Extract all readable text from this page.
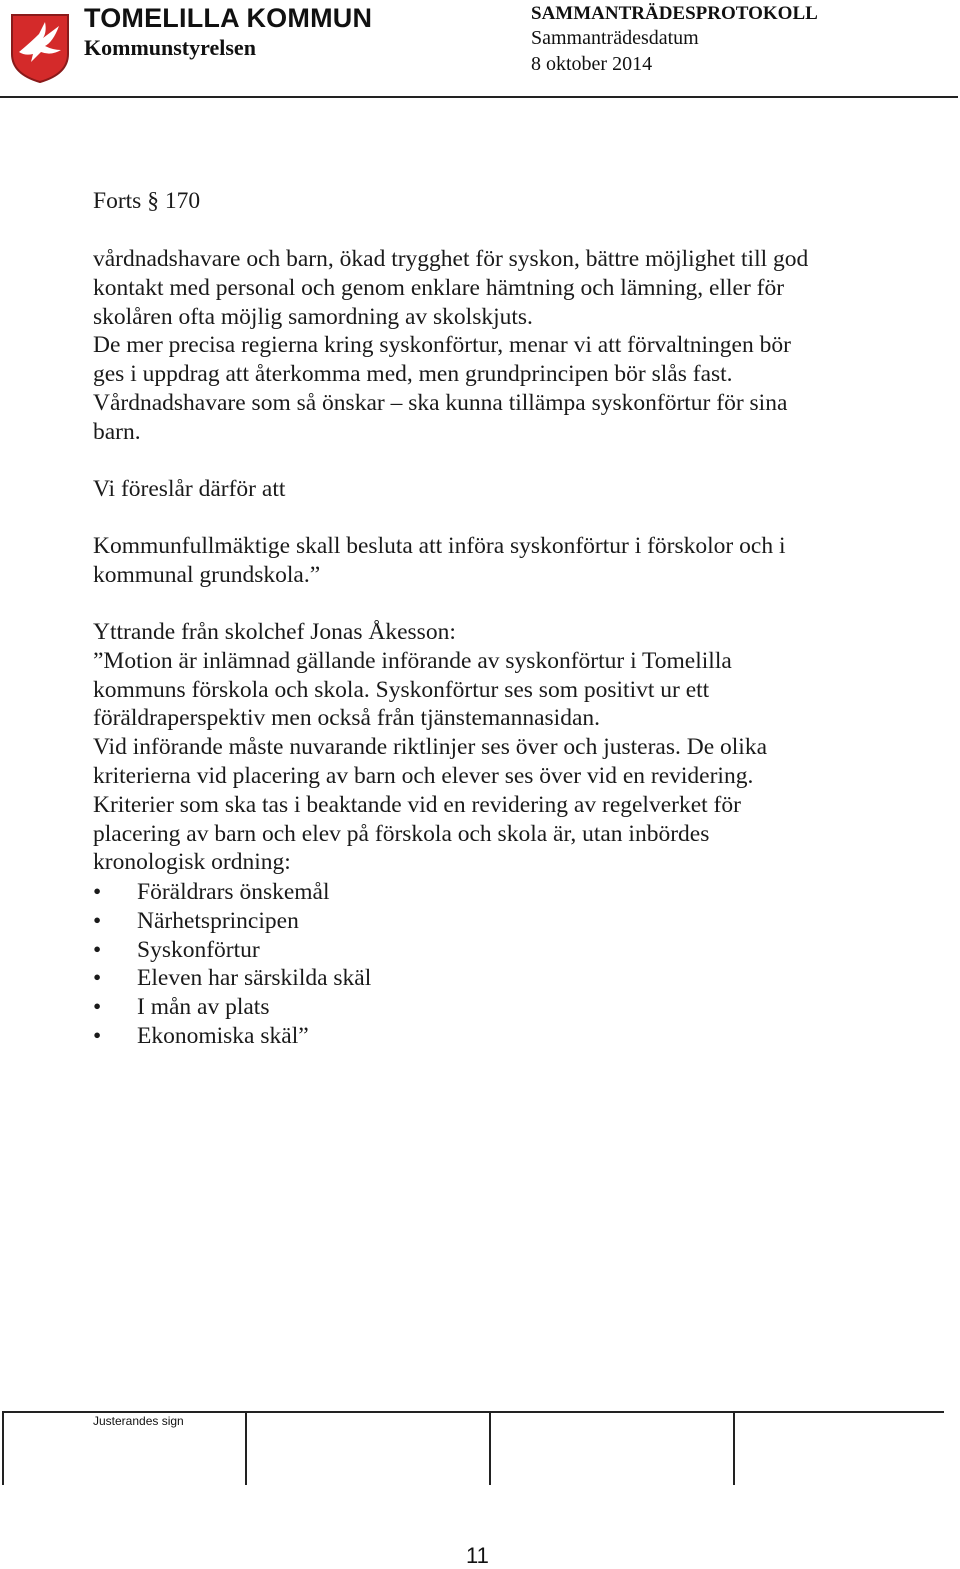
TOMELILLA KOMMUN
Kommunstyrelsen
SAMMANTRÄDESPROTOKOLL
Sammanträdesdatum
8 oktober 2014

Forts § 170

vårdnadshavare och barn, ökad trygghet för syskon, bättre möjlighet till god

kontakt med personal och genom enklare hämtning och lämning, eller för

skolåren ofta möjlig samordning av skolskjuts.

De mer precisa regierna kring syskonförtur, menar vi att förvaltningen bör

ges i uppdrag att återkomma med, men grundprincipen bör slås fast.

Vårdnadshavare som så önskar – ska kunna tillämpa syskonförtur för sina

barn.

Vi föreslår därför att

Kommunfullmäktige skall besluta att införa syskonförtur i förskolor och i

kommunal grundskola.”

Yttrande från skolchef Jonas Åkesson:

”Motion är inlämnad gällande införande av syskonförtur i Tomelilla

kommuns förskola och skola. Syskonförtur ses som positivt ur ett

föräldraperspektiv men också från tjänstemannasidan.

Vid införande måste nuvarande riktlinjer ses över och justeras. De olika

kriterierna vid placering av barn och elever ses över vid en revidering.

Kriterier som ska tas i beaktande vid en revidering av regelverket för

placering av barn och elev på förskola och skola är, utan inbördes

kronologisk ordning:

• Föräldrars önskemål
• Närhetsprincipen
• Syskonförtur
• Eleven har särskilda skäl
• I mån av plats
• Ekonomiska skäl”
Justerandes sign
11
